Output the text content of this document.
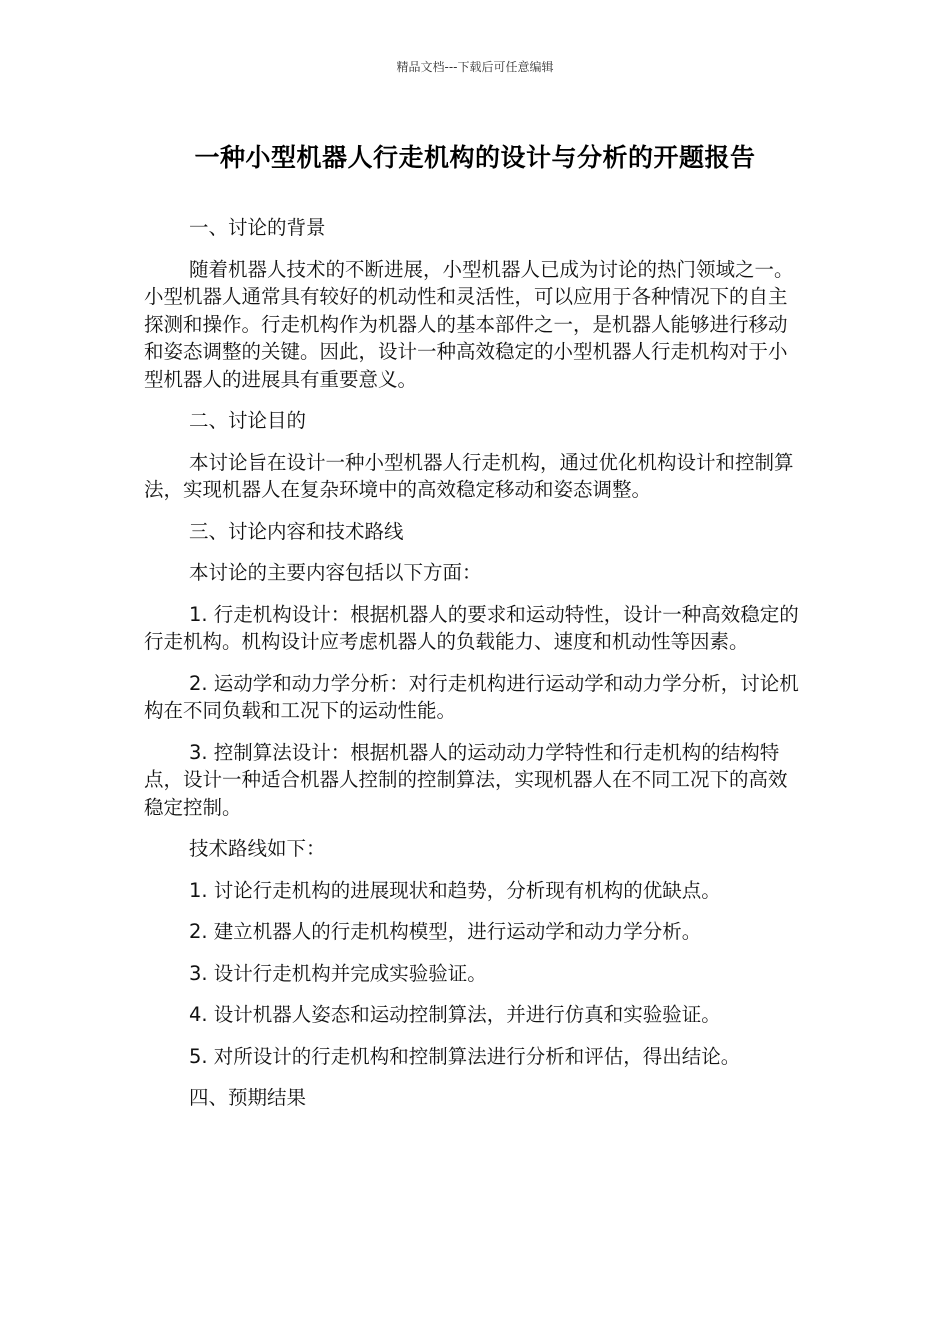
精品文档---下载后可任意编辑
一种小型机器人行走机构的设计与分析的开题报告

一、讨论的背景

随着机器人技术的不断进展，小型机器人已成为讨论的热门领域之一。小型机器人通常具有较好的机动性和灵活性，可以应用于各种情况下的自主探测和操作。行走机构作为机器人的基本部件之一，是机器人能够进行移动和姿态调整的关键。因此，设计一种高效稳定的小型机器人行走机构对于小型机器人的进展具有重要意义。

二、讨论目的

本讨论旨在设计一种小型机器人行走机构，通过优化机构设计和控制算法，实现机器人在复杂环境中的高效稳定移动和姿态调整。

三、讨论内容和技术路线

本讨论的主要内容包括以下方面：

1. 行走机构设计：根据机器人的要求和运动特性，设计一种高效稳定的行走机构。机构设计应考虑机器人的负载能力、速度和机动性等因素。

2. 运动学和动力学分析：对行走机构进行运动学和动力学分析，讨论机构在不同负载和工况下的运动性能。

3. 控制算法设计：根据机器人的运动动力学特性和行走机构的结构特点，设计一种适合机器人控制的控制算法，实现机器人在不同工况下的高效稳定控制。

技术路线如下：

1. 讨论行走机构的进展现状和趋势，分析现有机构的优缺点。

2. 建立机器人的行走机构模型，进行运动学和动力学分析。

3. 设计行走机构并完成实验验证。

4. 设计机器人姿态和运动控制算法，并进行仿真和实验验证。

5. 对所设计的行走机构和控制算法进行分析和评估，得出结论。

四、预期结果
